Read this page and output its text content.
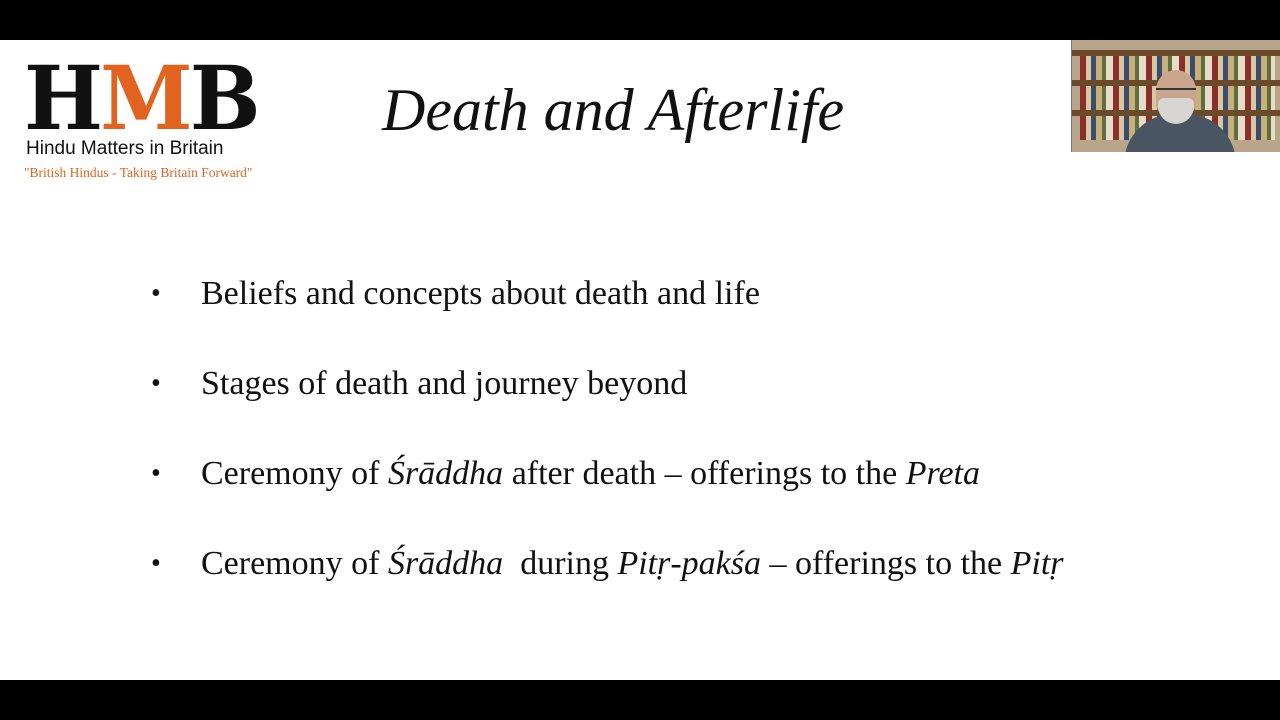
HMB
Hindu Matters in Britain
"British Hindus - Taking Britain Forward"
Death and Afterlife
• Beliefs and concepts about death and life
• Stages of death and journey beyond
• Ceremony of Śrāddha after death – offerings to the Preta
• Ceremony of Śrāddha  during Pitṛ-pakśa – offerings to the Pitṛ
